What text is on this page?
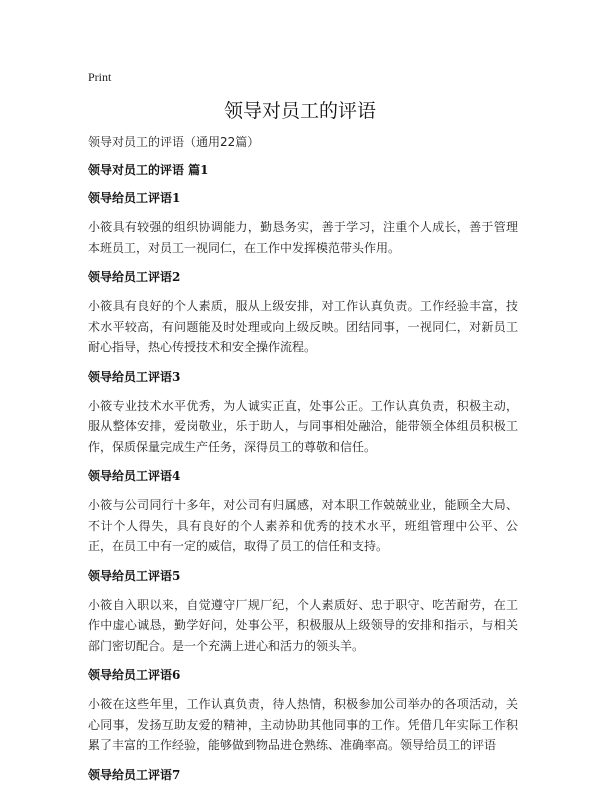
Print
领导对员工的评语

领导对员工的评语（通用22篇）

领导对员工的评语 篇1

领导给员工评语1

小筱具有较强的组织协调能力，勤恳务实，善于学习，注重个人成长，善于管理本班员工，对员工一视同仁，在工作中发挥模范带头作用。

领导给员工评语2

小筱具有良好的个人素质，服从上级安排，对工作认真负责。工作经验丰富，技术水平较高，有问题能及时处理或向上级反映。团结同事，一视同仁，对新员工耐心指导，热心传授技术和安全操作流程。

领导给员工评语3

小筱专业技术水平优秀，为人诚实正直，处事公正。工作认真负责，积极主动，服从整体安排，爱岗敬业，乐于助人，与同事相处融洽，能带领全体组员积极工作，保质保量完成生产任务，深得员工的尊敬和信任。

领导给员工评语4

小筱与公司同行十多年，对公司有归属感，对本职工作兢兢业业，能顾全大局、不计个人得失，具有良好的个人素养和优秀的技术水平，班组管理中公平、公正，在员工中有一定的威信，取得了员工的信任和支持。

领导给员工评语5

小筱自入职以来，自觉遵守厂规厂纪，个人素质好、忠于职守、吃苦耐劳，在工作中虚心诚恳，勤学好问，处事公平，积极服从上级领导的安排和指示，与相关部门密切配合。是一个充满上进心和活力的领头羊。

领导给员工评语6

小筱在这些年里，工作认真负责，待人热情，积极参加公司举办的各项活动，关心同事，发扬互助友爱的精神，主动协助其他同事的工作。凭借几年实际工作积累了丰富的工作经验，能够做到物品进仓熟练、准确率高。领导给员工的评语

领导给员工评语7
